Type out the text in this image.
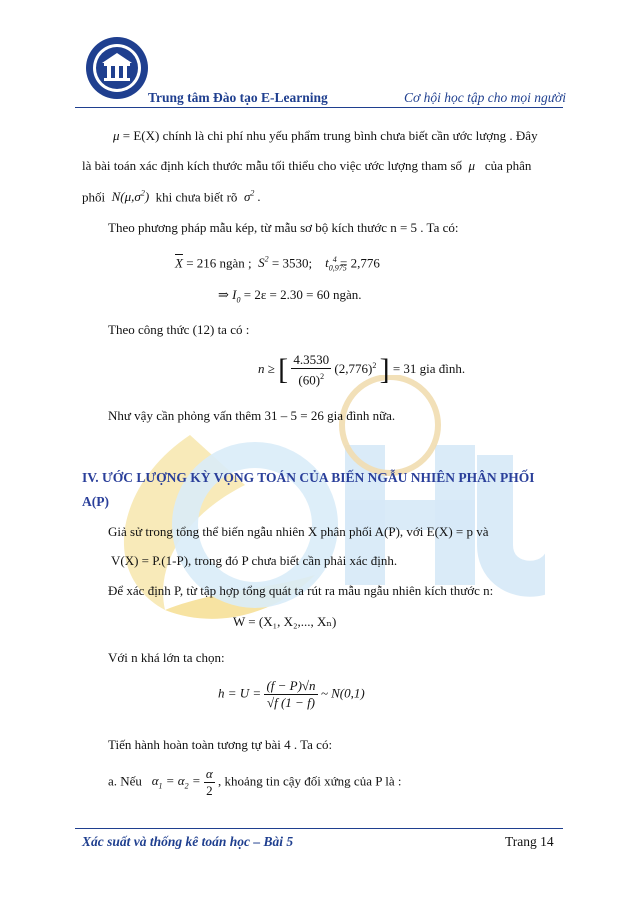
Trung tâm Đào tạo E-Learning	Cơ hội học tập cho mọi người
μ = E(X) chính là chi phí nhu yếu phẩm trung bình chưa biết cần ước lượng . Đây
là bài toán xác định kích thước mẫu tối thiểu cho việc ước lượng tham số  μ   của phân
phối  $N(\mu,\sigma^2)$  khi chưa biết rõ  $\sigma^2$ .
Theo phương pháp mẫu kép, từ mẫu sơ bộ kích thước n = 5 . Ta có:
$\overline{X} = 216$ ngàn ;  $S^2 = 3530$;    $t_{0,975}^4 = 2,776$
⇒ $I_0 = 2\varepsilon = 2.30 = 60$ ngàn.
Theo công thức (12) ta có :
n ≥ [ $\frac{4.3530}{(60)^2} (2,776)^2$ ] = 31 gia đình.
Như vậy cần phỏng vấn thêm 31 – 5 = 26 gia đình nữa.
IV. ƯỚC LƯỢNG KỲ VỌNG TOÁN CỦA BIẾN NGẪU NHIÊN PHÂN PHỐI
A(P)
Giả sử trong tổng thể biến ngẫu nhiên X phân phối A(P), với E(X) = p và
V(X) = P.(1-P), trong đó P chưa biết cần phải xác định.
Để xác định P, từ tập hợp tổng quát ta rút ra mẫu ngẫu nhiên kích thước n:
W = (X₁, X₂,..., Xₙ)
Với n khá lớn ta chọn:
$h = U = \frac{(f - P)√n}{√f (1 - f)}$ ~ N(0,1)
Tiến hành hoàn toàn tương tự bài 4 . Ta có:
a. Nếu   $\alpha_1 = \alpha_2 = \frac{\alpha}{2}$ , khoảng tin cậy đối xứng của P là :
Xác suất và thống kê toán học – Bài 5	Trang 14
